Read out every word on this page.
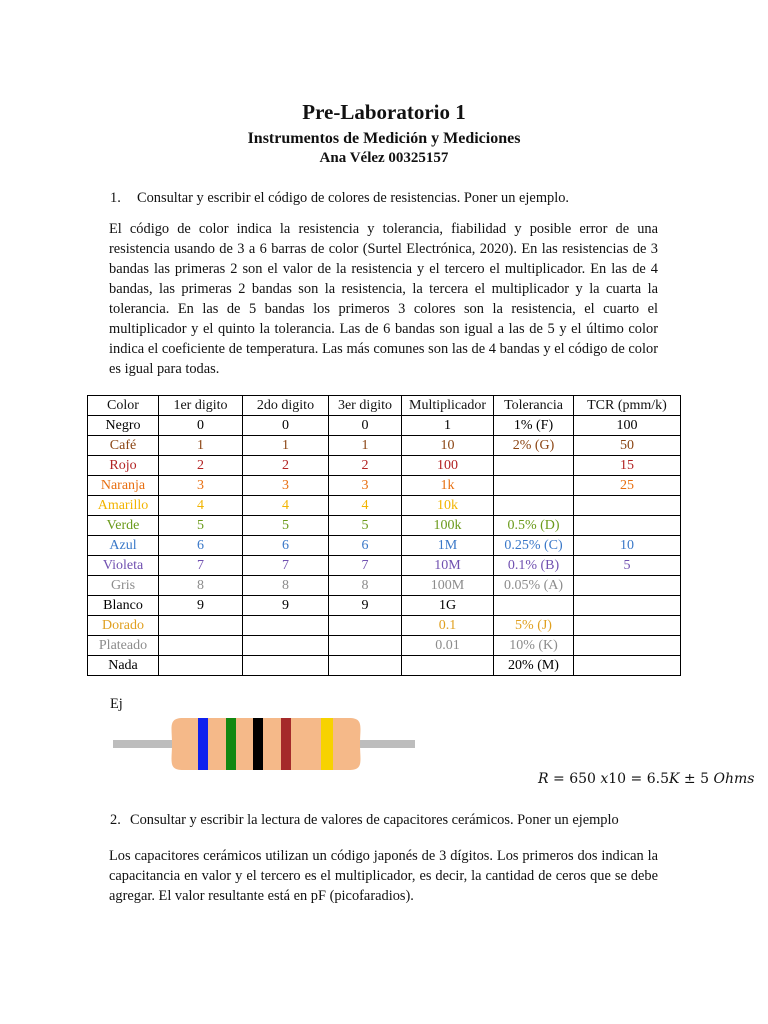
Pre-Laboratorio 1
Instrumentos de Medición y Mediciones
Ana Vélez 00325157
1. Consultar y escribir el código de colores de resistencias. Poner un ejemplo.
El código de color indica la resistencia y tolerancia, fiabilidad y posible error de una resistencia usando de 3 a 6 barras de color (Surtel Electrónica, 2020). En las resistencias de 3 bandas las primeras 2 son el valor de la resistencia y el tercero el multiplicador. En las de 4 bandas, las primeras 2 bandas son la resistencia, la tercera el multiplicador y la cuarta la tolerancia. En las de 5 bandas los primeros 3 colores son la resistencia, el cuarto el multiplicador y el quinto la tolerancia. Las de 6 bandas son igual a las de 5 y el último color indica el coeficiente de temperatura. Las más comunes son las de 4 bandas y el código de color es igual para todas.
Color	1er digito	2do digito	3er digito	Multiplicador	Tolerancia	TCR (pmm/k)
Negro	0	0	0	1	1% (F)	100
Café	1	1	1	10	2% (G)	50
Rojo	2	2	2	100		15
Naranja	3	3	3	1k		25
Amarillo	4	4	4	10k		
Verde	5	5	5	100k	0.5% (D)	
Azul	6	6	6	1M	0.25% (C)	10
Violeta	7	7	7	10M	0.1% (B)	5
Gris	8	8	8	100M	0.05% (A)	
Blanco	9	9	9	1G		
Dorado				0.1	5% (J)	
Plateado				0.01	10% (K)	
Nada					20% (M)	
Ej
R = 650 x10 = 6.5K ± 5 Ohms
2. Consultar y escribir la lectura de valores de capacitores cerámicos. Poner un ejemplo
Los capacitores cerámicos utilizan un código japonés de 3 dígitos. Los primeros dos indican la capacitancia en valor y el tercero es el multiplicador, es decir, la cantidad de ceros que se debe agregar. El valor resultante está en pF (picofaradios).
